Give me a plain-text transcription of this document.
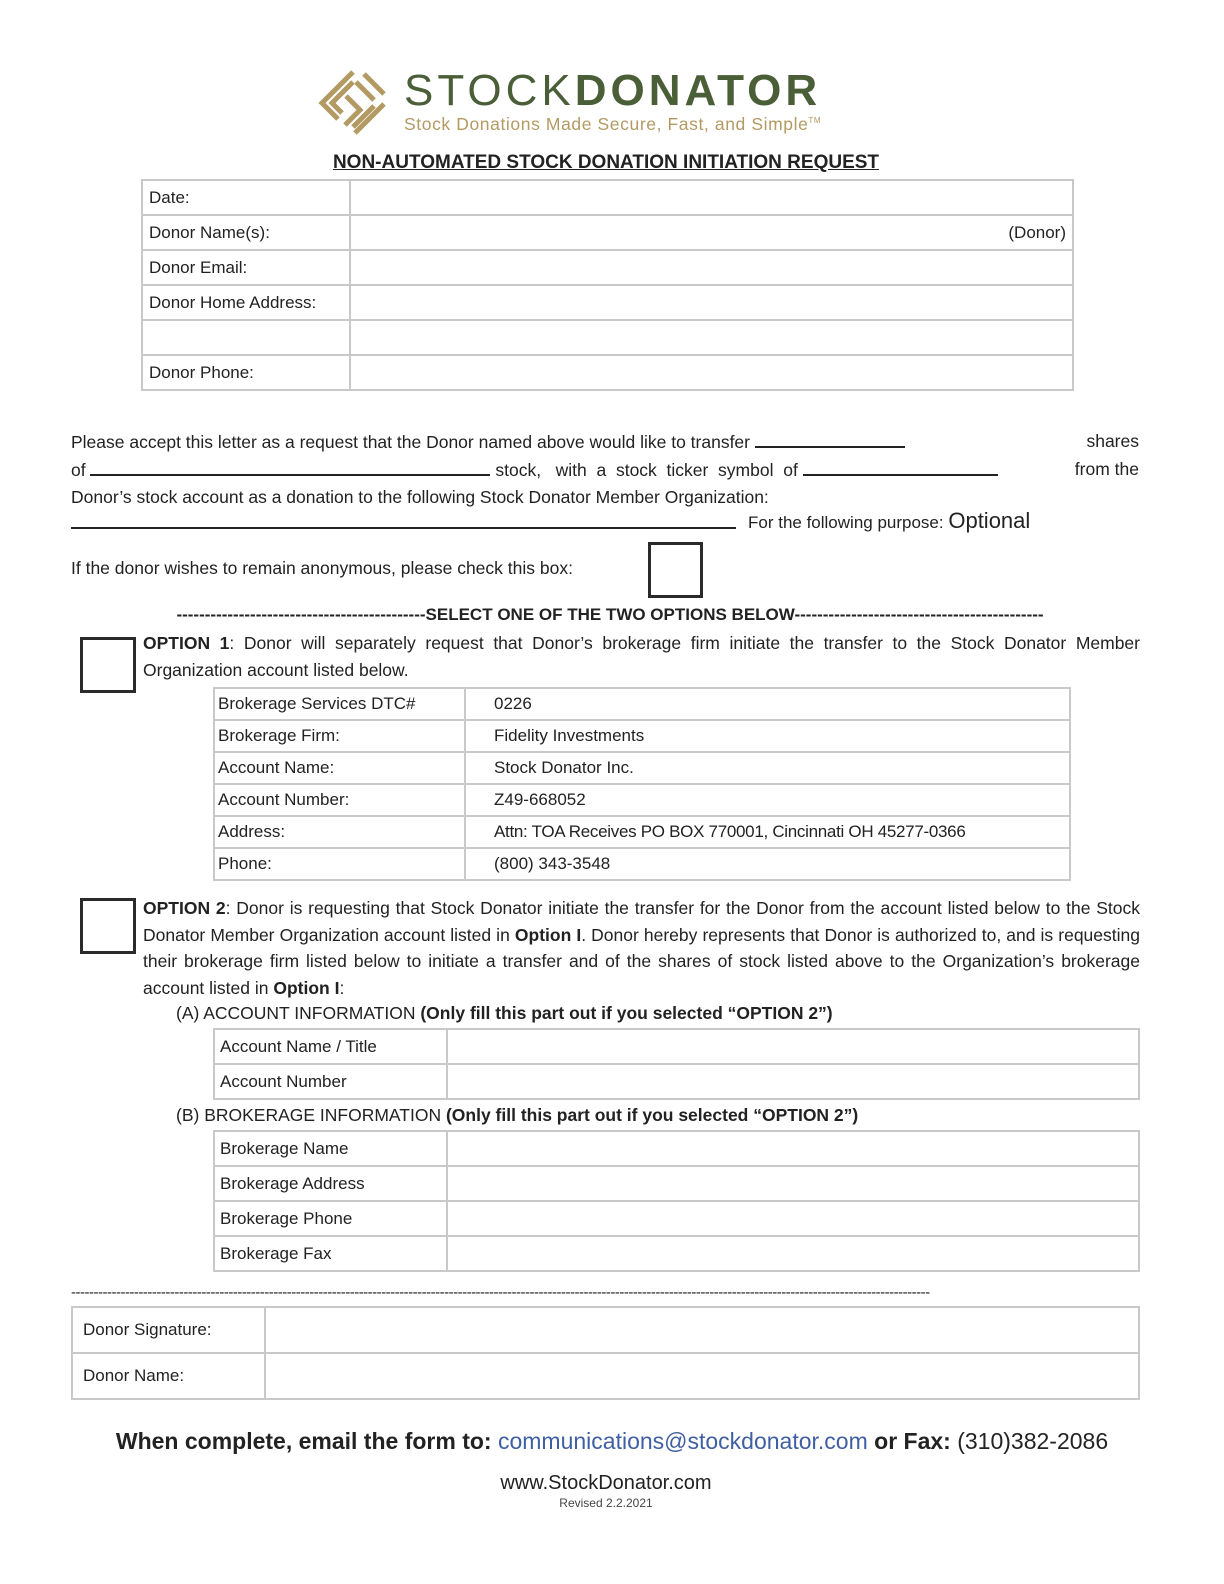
STOCKDONATOR
Stock Donations Made Secure, Fast, and Simple™
NON-AUTOMATED STOCK DONATION INITIATION REQUEST
Date:	
Donor Name(s):	(Donor)

Donor Email:	
Donor Home Address:	

Donor Phone:	
Please accept this letter as a request that the Donor named above would like to transfer	shares
of	stock,   with  a  stock  ticker  symbol  of	from the
Donor’s stock account as a donation to the following Stock Donator Member Organization:
For the following purpose: Optional
If the donor wishes to remain anonymous, please check this box:
--------------------------------------------SELECT ONE OF THE TWO OPTIONS BELOW--------------------------------------------
OPTION 1: Donor will separately request that Donor’s brokerage firm initiate the transfer to the Stock Donator Member Organization account listed below.
Brokerage Services DTC#	0226
Brokerage Firm:	Fidelity Investments
Account Name:	Stock Donator Inc.
Account Number:	Z49-668052
Address:	Attn: TOA Receives PO BOX 770001, Cincinnati OH 45277-0366
Phone:	(800) 343-3548
OPTION 2: Donor is requesting that Stock Donator initiate the transfer for the Donor from the account listed below to the Stock Donator Member Organization account listed in Option I. Donor hereby represents that Donor is authorized to, and is requesting their brokerage firm listed below to initiate a transfer and of the shares of stock listed above to the Organization’s brokerage account listed in Option I:
(A) ACCOUNT INFORMATION (Only fill this part out if you selected “OPTION 2”)
Account Name / Title	
Account Number	
(B) BROKERAGE INFORMATION (Only fill this part out if you selected “OPTION 2”)
Brokerage Name	
Brokerage Address	
Brokerage Phone	
Brokerage Fax	
-----------------------------------------------------------------------------------------------------------------------------------------------------------------------------------------------
Donor Signature:	
Donor Name:	
When complete, email the form to: communications@stockdonator.com or Fax: (310)382-2086
www.StockDonator.com
Revised 2.2.2021
